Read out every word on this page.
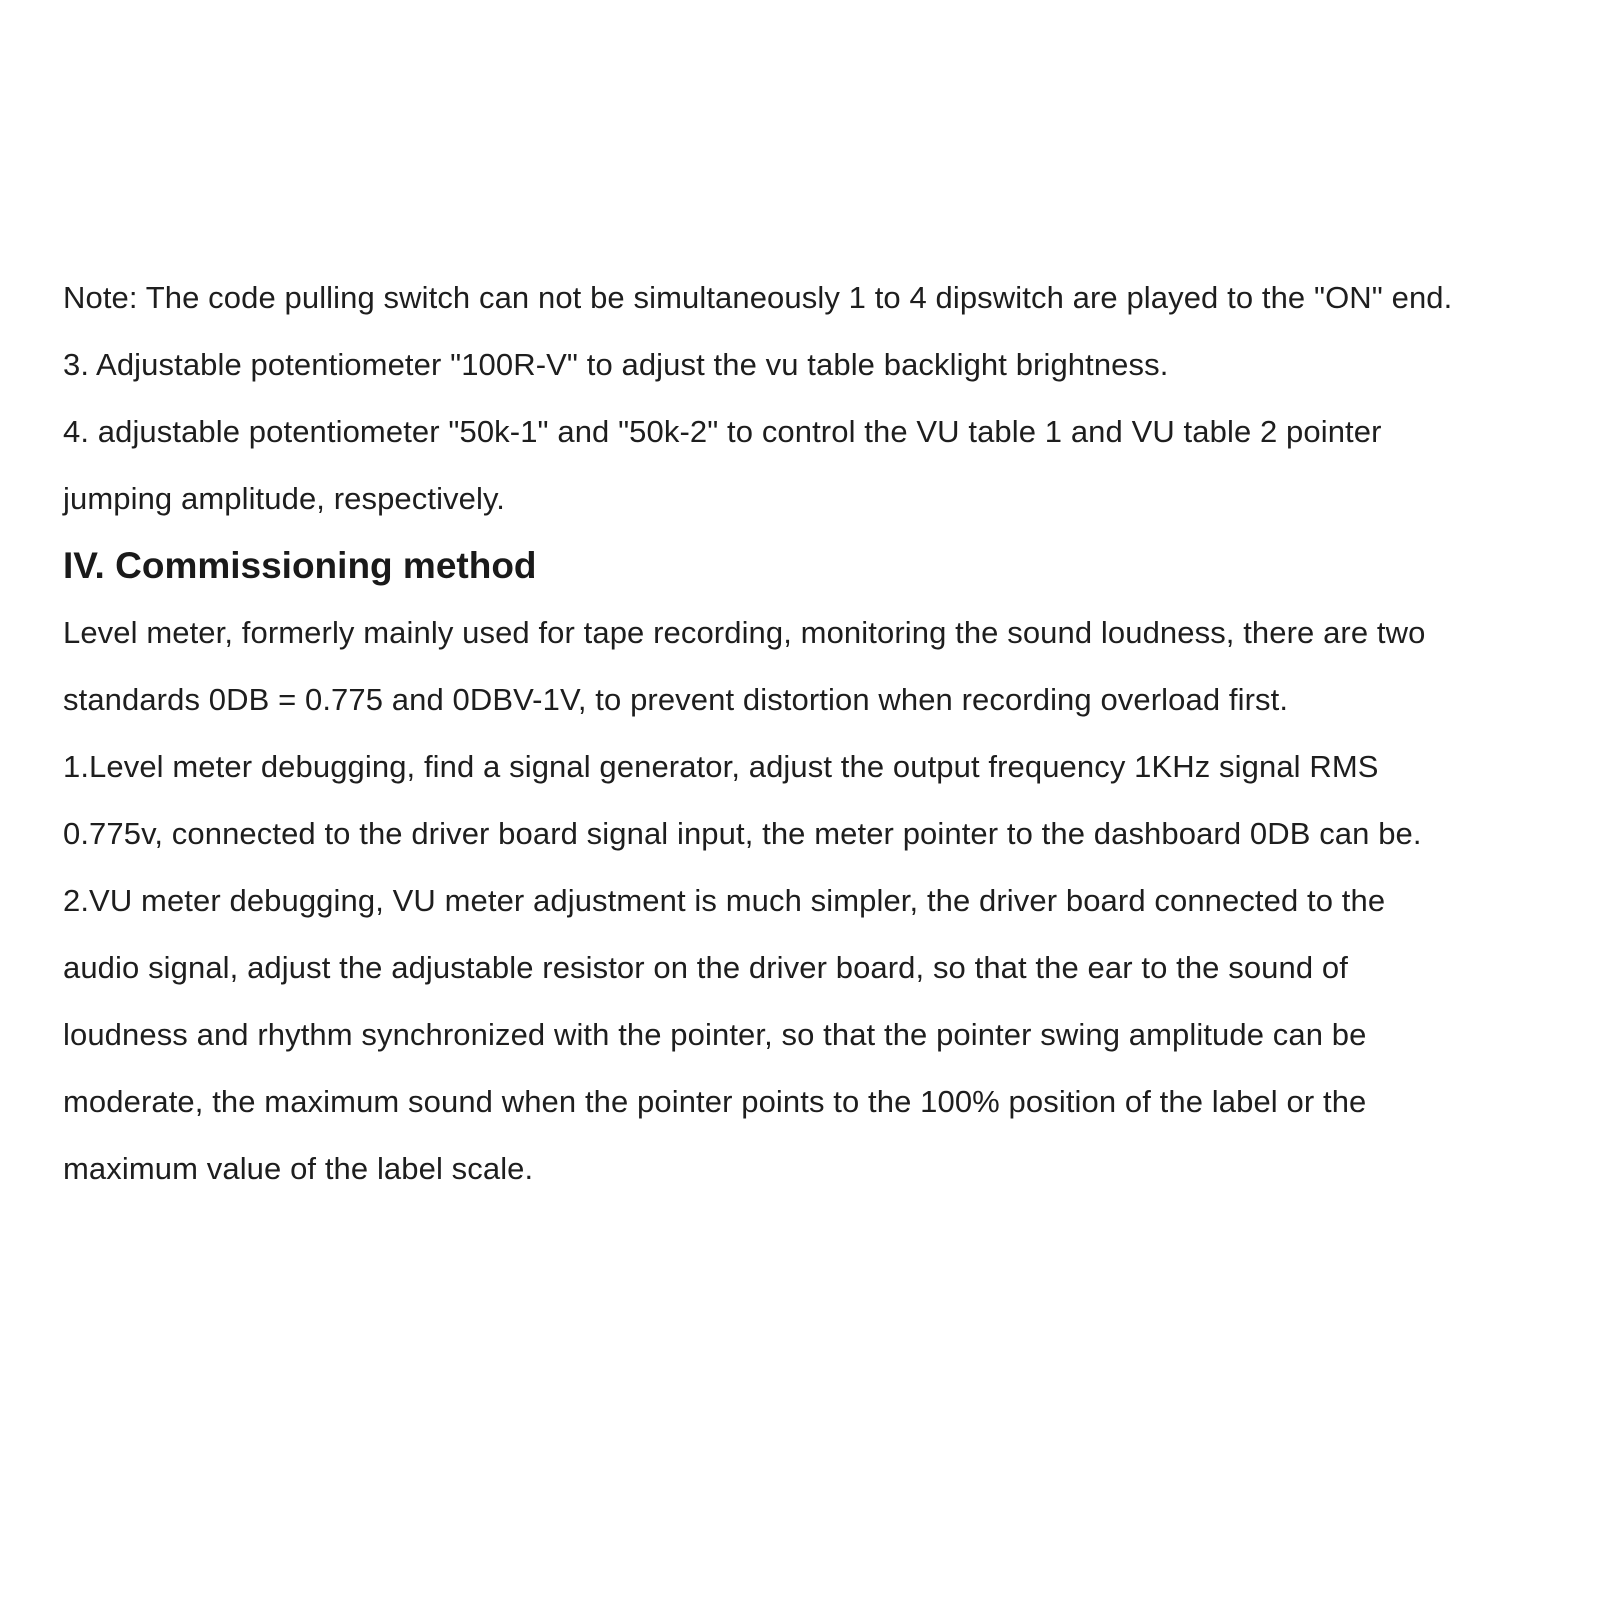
Note: The code pulling switch can not be simultaneously 1 to 4 dipswitch are played to the "ON" end.
3. Adjustable potentiometer "100R-V" to adjust the vu table backlight brightness.
4. adjustable potentiometer "50k-1" and "50k-2" to control the VU table 1 and VU table 2 pointer
jumping amplitude, respectively.
IV. Commissioning method
Level meter, formerly mainly used for tape recording, monitoring the sound loudness, there are two
standards 0DB = 0.775 and 0DBV-1V, to prevent distortion when recording overload first.
1.Level meter debugging, find a signal generator, adjust the output frequency 1KHz signal RMS
0.775v, connected to the driver board signal input, the meter pointer to the dashboard 0DB can be.
2.VU meter debugging, VU meter adjustment is much simpler, the driver board connected to the
audio signal, adjust the adjustable resistor on the driver board, so that the ear to the sound of
loudness and rhythm synchronized with the pointer, so that the pointer swing amplitude can be
moderate, the maximum sound when the pointer points to the 100% position of the label or the
maximum value of the label scale.
